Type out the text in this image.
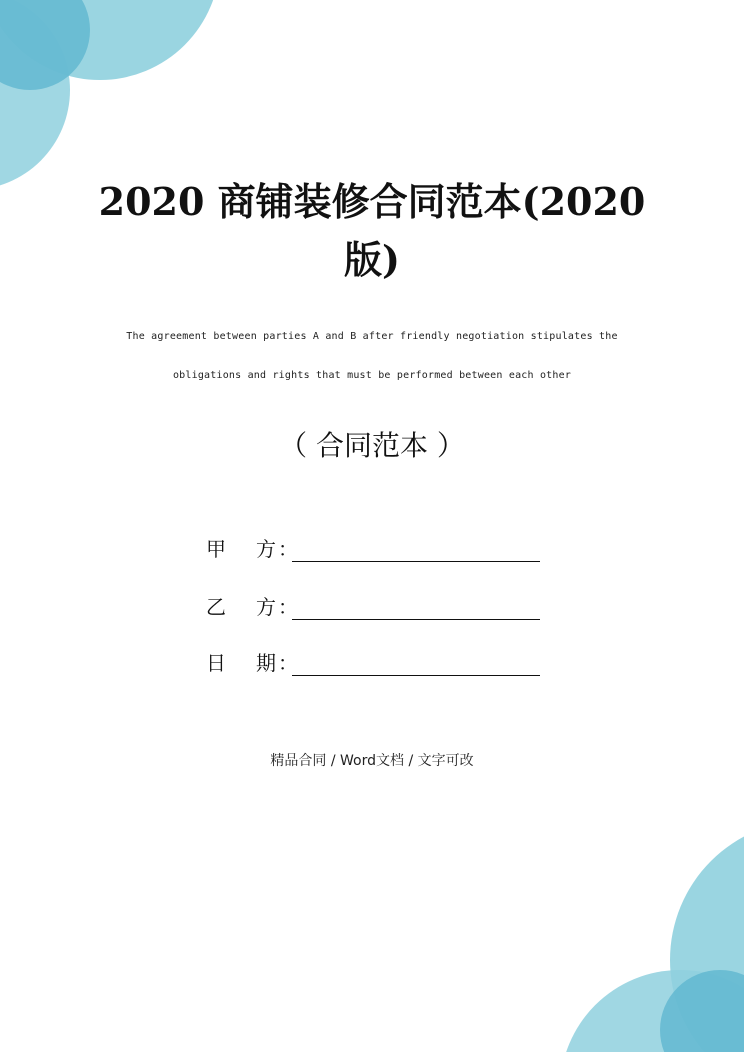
2020 商铺装修合同范本(2020
版)
The agreement between parties A and B after friendly negotiation stipulates the
obligations and rights that must be performed between each other
（ 合同范本 ）
甲	方 ：
乙	方 ：
日	期 ：
精品合同 / Word文档 / 文字可改
